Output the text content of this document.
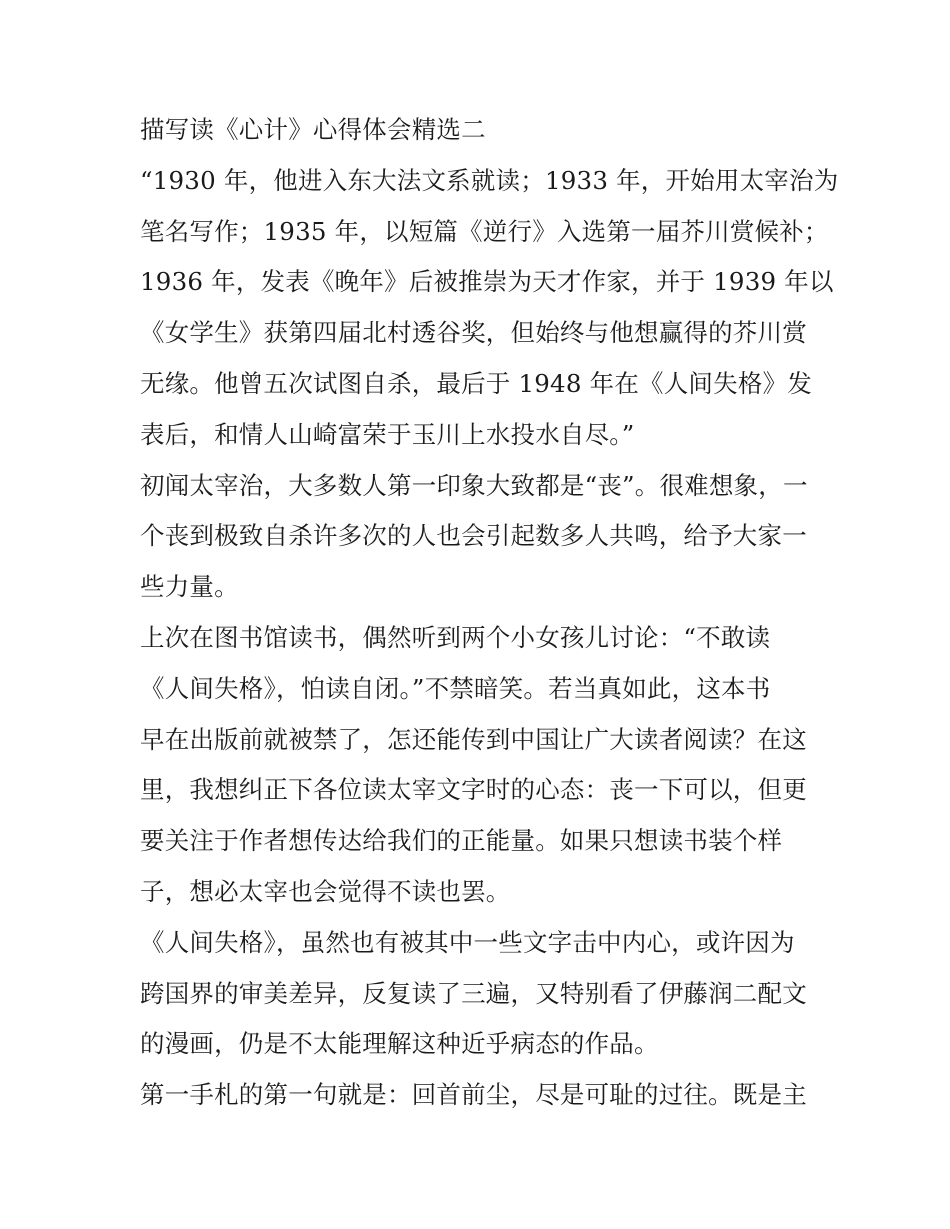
描写读《心计》心得体会精选二
“1930 年，他进入东大法文系就读；1933 年，开始用太宰治为
笔名写作；1935 年，以短篇《逆行》入选第一届芥川赏候补；
1936 年，发表《晚年》后被推崇为天才作家，并于 1939 年以
《女学生》获第四届北村透谷奖，但始终与他想赢得的芥川赏
无缘。他曾五次试图自杀，最后于 1948 年在《人间失格》发
表后，和情人山崎富荣于玉川上水投水自尽。”
初闻太宰治，大多数人第一印象大致都是“丧”。很难想象，一
个丧到极致自杀许多次的人也会引起数多人共鸣，给予大家一
些力量。
上次在图书馆读书，偶然听到两个小女孩儿讨论：“不敢读
《人间失格》，怕读自闭。”不禁暗笑。若当真如此，这本书
早在出版前就被禁了，怎还能传到中国让广大读者阅读？在这
里，我想纠正下各位读太宰文字时的心态：丧一下可以，但更
要关注于作者想传达给我们的正能量。如果只想读书装个样
子，想必太宰也会觉得不读也罢。
《人间失格》，虽然也有被其中一些文字击中内心，或许因为
跨国界的审美差异，反复读了三遍，又特别看了伊藤润二配文
的漫画，仍是不太能理解这种近乎病态的作品。
第一手札的第一句就是：回首前尘，尽是可耻的过往。既是主
